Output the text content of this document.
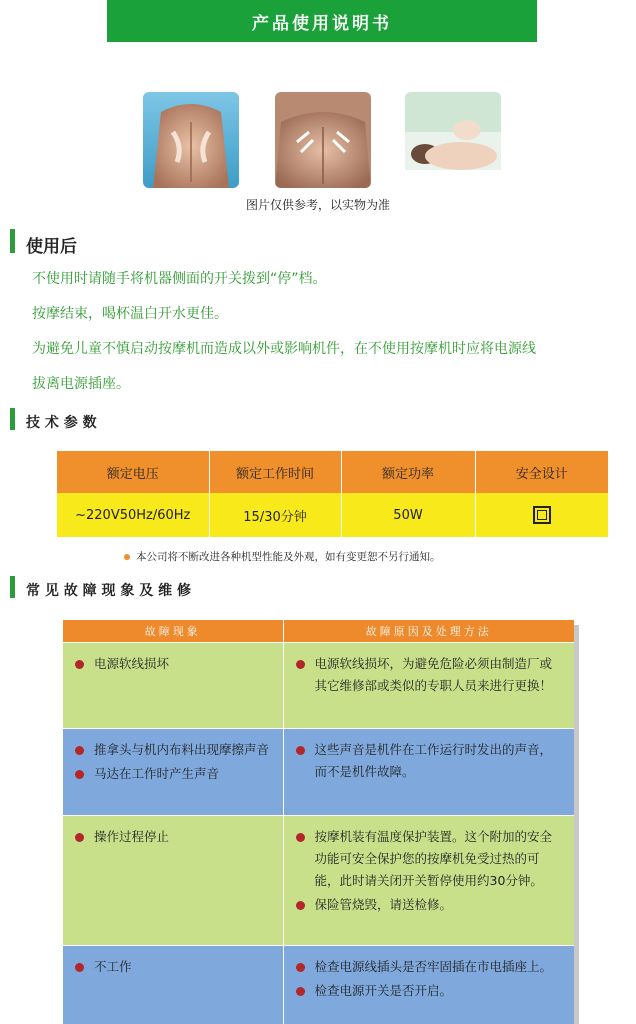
产品使用说明书
图片仅供参考，以实物为准
使用后
不使用时请随手将机器侧面的开关拨到“停”档。
按摩结束，喝杯温白开水更佳。
为避免儿童不慎启动按摩机而造成以外或影响机件，在不使用按摩机时应将电源线
拔离电源插座。
技 术 参 数
额定电压	额定工作时间	额定功率	安全设计
~220V50Hz/60Hz	15/30分钟	50W	
本公司将不断改进各种机型性能及外观，如有变更恕不另行通知。
常 见 故 障 现 象 及 维 修
故障现象	故障原因及处理方法

电源软线损坏	电源软线损坏，为避免危险必须由制造厂或其它维修部或类似的专职人员来进行更换！

推拿头与机内布料出现摩擦声音
马达在工作时产生声音	这些声音是机件在工作运行时发出的声音，而不是机件故障。

操作过程停止	按摩机装有温度保护装置。这个附加的安全功能可安全保护您的按摩机免受过热的可能，此时请关闭开关暂停使用约30分钟。
保险管烧毁，请送检修。

不工作	检查电源线插头是否牢固插在市电插座上。
检查电源开关是否开启。
